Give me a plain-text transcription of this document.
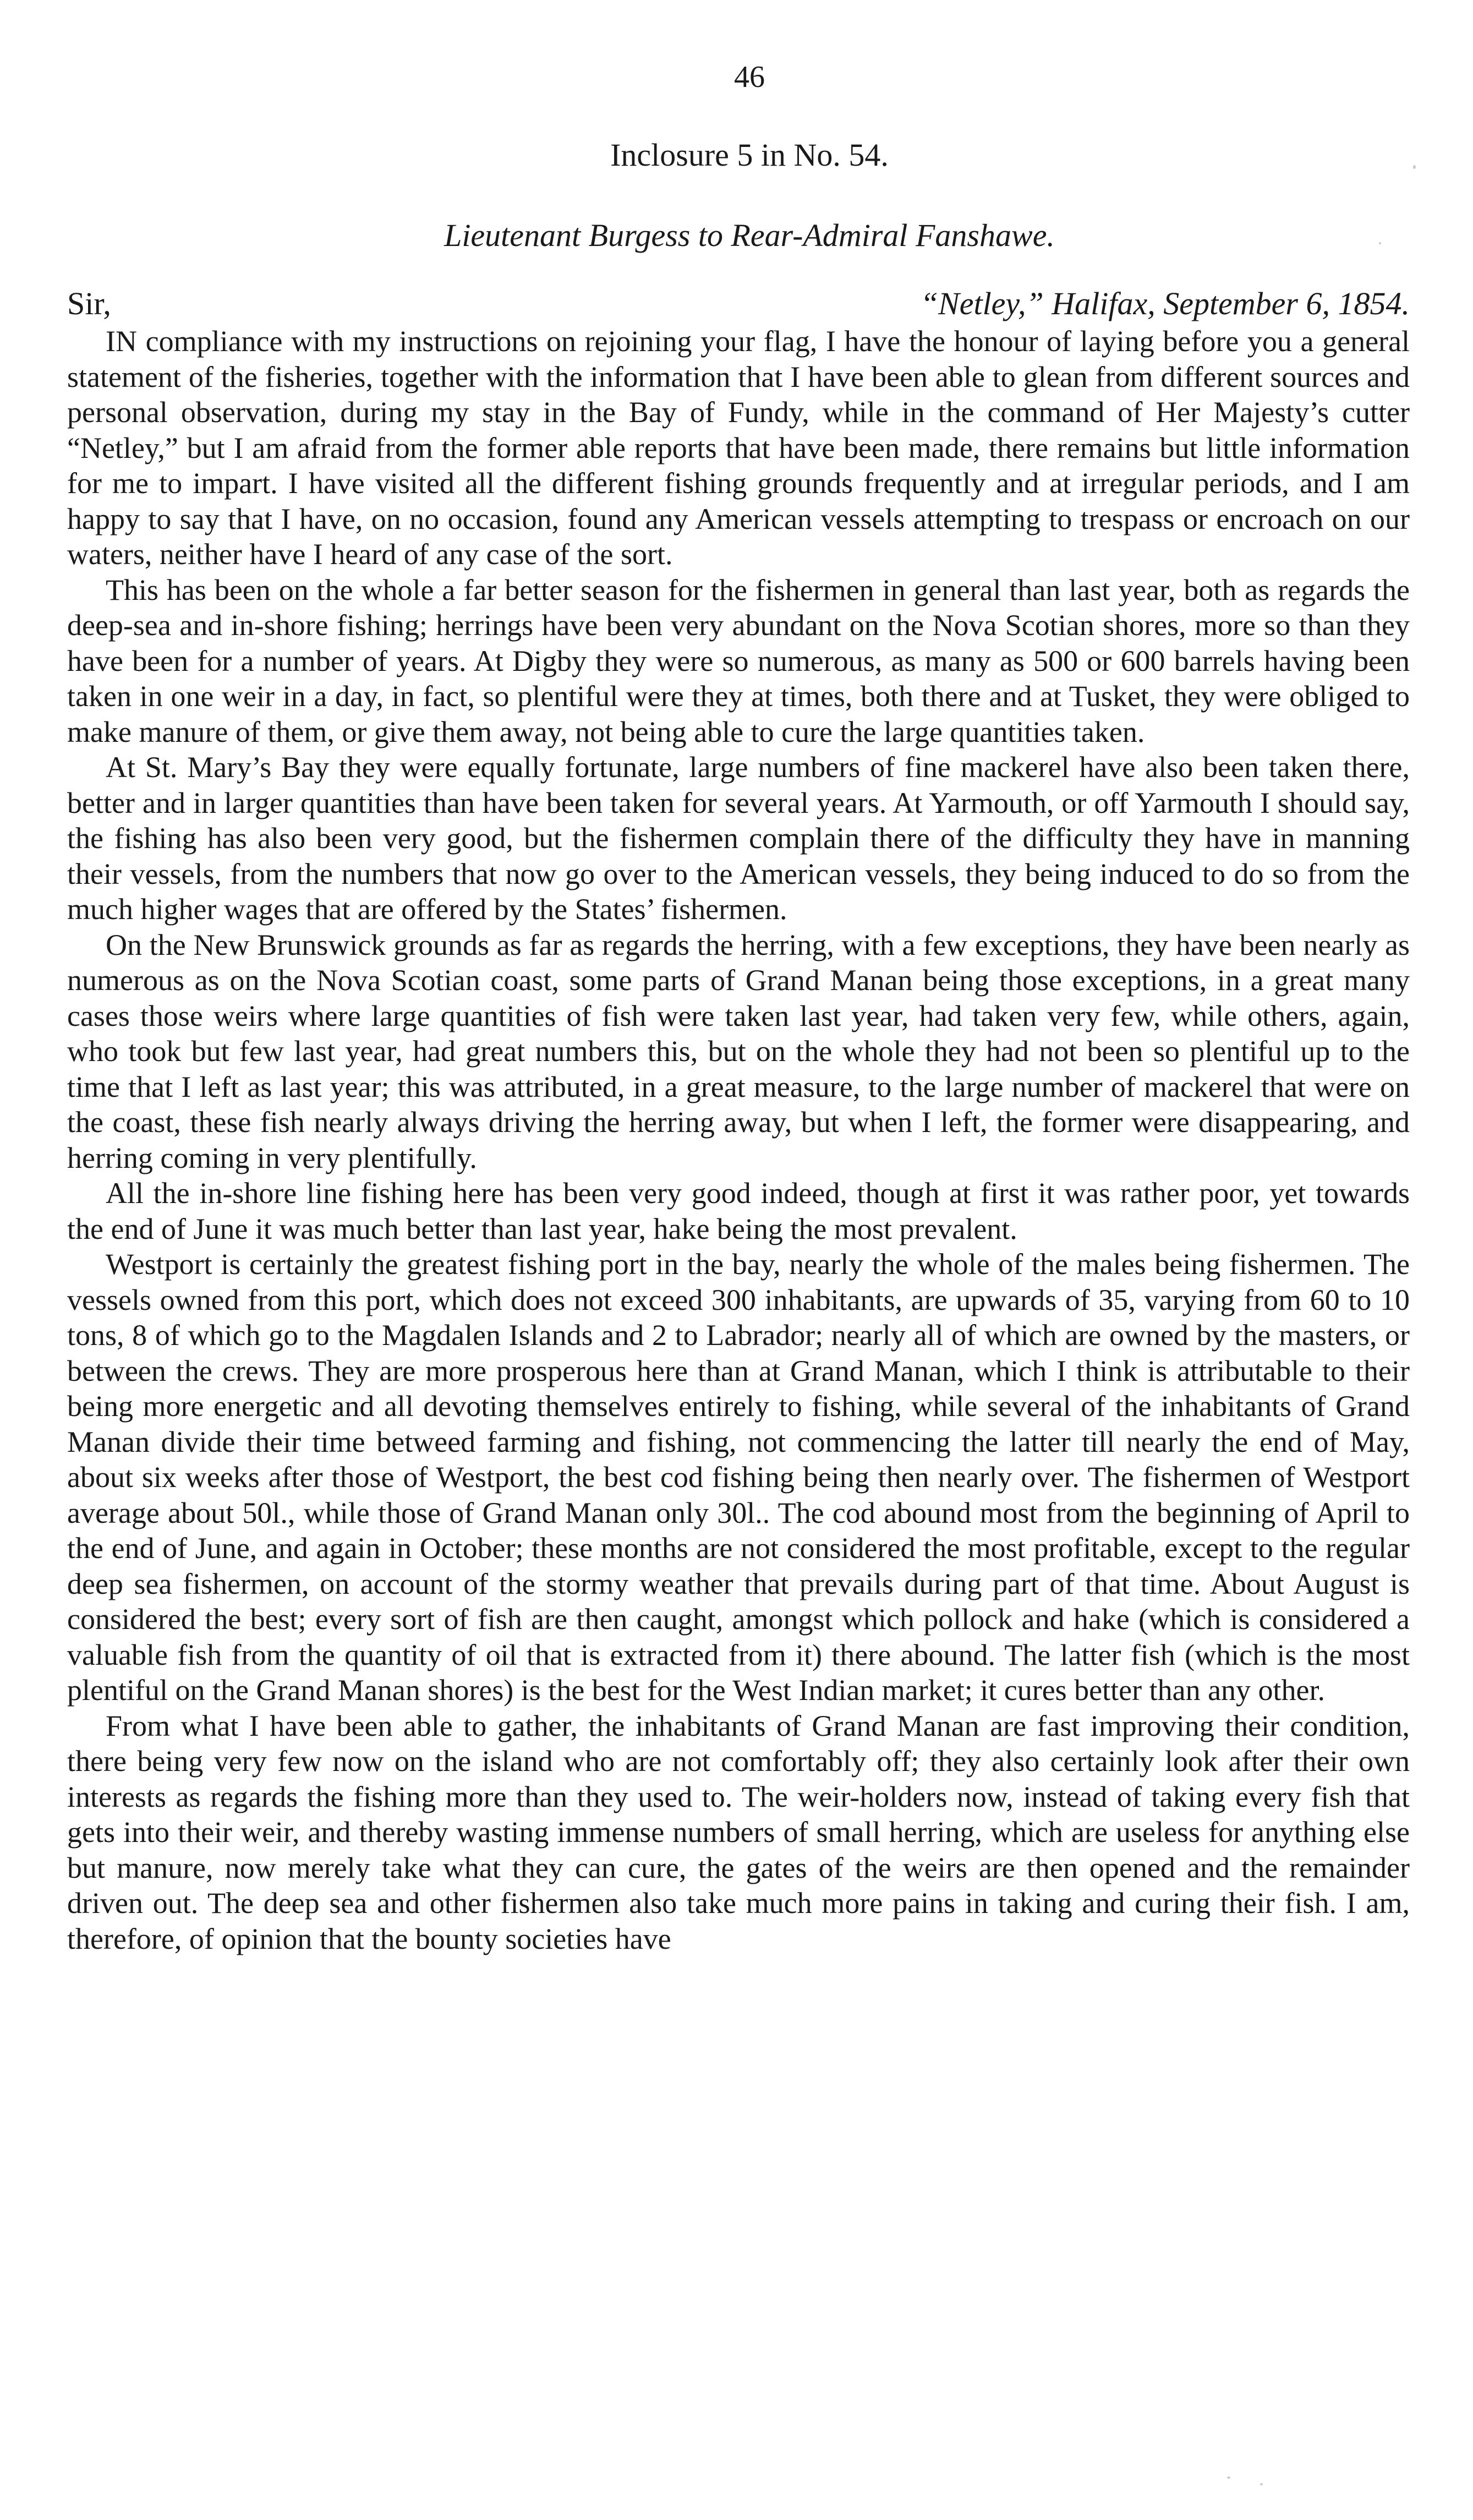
46
Inclosure 5 in No. 54.
Lieutenant Burgess to Rear-Admiral Fanshawe.
Sir,	“Netley,” Halifax, September 6, 1854.

IN compliance with my instructions on rejoining your flag, I have the honour of laying before you a general statement of the fisheries, together with the information that I have been able to glean from different sources and personal observation, during my stay in the Bay of Fundy, while in the command of Her Majesty’s cutter “Netley,” but I am afraid from the former able reports that have been made, there remains but little information for me to impart. I have visited all the different fishing grounds frequently and at irregular periods, and I am happy to say that I have, on no occasion, found any American vessels attempting to trespass or encroach on our waters, neither have I heard of any case of the sort.

This has been on the whole a far better season for the fishermen in general than last year, both as regards the deep-sea and in-shore fishing; herrings have been very abundant on the Nova Scotian shores, more so than they have been for a number of years. At Digby they were so numerous, as many as 500 or 600 barrels having been taken in one weir in a day, in fact, so plentiful were they at times, both there and at Tusket, they were obliged to make manure of them, or give them away, not being able to cure the large quantities taken.

At St. Mary’s Bay they were equally fortunate, large numbers of fine mackerel have also been taken there, better and in larger quantities than have been taken for several years. At Yarmouth, or off Yarmouth I should say, the fishing has also been very good, but the fishermen complain there of the difficulty they have in manning their vessels, from the numbers that now go over to the American vessels, they being induced to do so from the much higher wages that are offered by the States’ fishermen.

On the New Brunswick grounds as far as regards the herring, with a few exceptions, they have been nearly as numerous as on the Nova Scotian coast, some parts of Grand Manan being those exceptions, in a great many cases those weirs where large quantities of fish were taken last year, had taken very few, while others, again, who took but few last year, had great numbers this, but on the whole they had not been so plentiful up to the time that I left as last year; this was attributed, in a great measure, to the large number of mackerel that were on the coast, these fish nearly always driving the herring away, but when I left, the former were disappearing, and herring coming in very plentifully.

All the in-shore line fishing here has been very good indeed, though at first it was rather poor, yet towards the end of June it was much better than last year, hake being the most prevalent.

Westport is certainly the greatest fishing port in the bay, nearly the whole of the males being fishermen. The vessels owned from this port, which does not exceed 300 inhabitants, are upwards of 35, varying from 60 to 10 tons, 8 of which go to the Magdalen Islands and 2 to Labrador; nearly all of which are owned by the masters, or between the crews. They are more prosperous here than at Grand Manan, which I think is attributable to their being more energetic and all devoting themselves entirely to fishing, while several of the inhabitants of Grand Manan divide their time betweed farming and fishing, not commencing the latter till nearly the end of May, about six weeks after those of Westport, the best cod fishing being then nearly over. The fishermen of Westport average about 50l., while those of Grand Manan only 30l.. The cod abound most from the beginning of April to the end of June, and again in October; these months are not considered the most profitable, except to the regular deep sea fishermen, on account of the stormy weather that prevails during part of that time. About August is considered the best; every sort of fish are then caught, amongst which pollock and hake (which is considered a valuable fish from the quantity of oil that is extracted from it) there abound. The latter fish (which is the most plentiful on the Grand Manan shores) is the best for the West Indian market; it cures better than any other.

From what I have been able to gather, the inhabitants of Grand Manan are fast improving their condition, there being very few now on the island who are not comfortably off; they also certainly look after their own interests as regards the fishing more than they used to. The weir-holders now, instead of taking every fish that gets into their weir, and thereby wasting immense numbers of small herring, which are useless for anything else but manure, now merely take what they can cure, the gates of the weirs are then opened and the remainder driven out. The deep sea and other fishermen also take much more pains in taking and curing their fish. I am, therefore, of opinion that the bounty societies have
